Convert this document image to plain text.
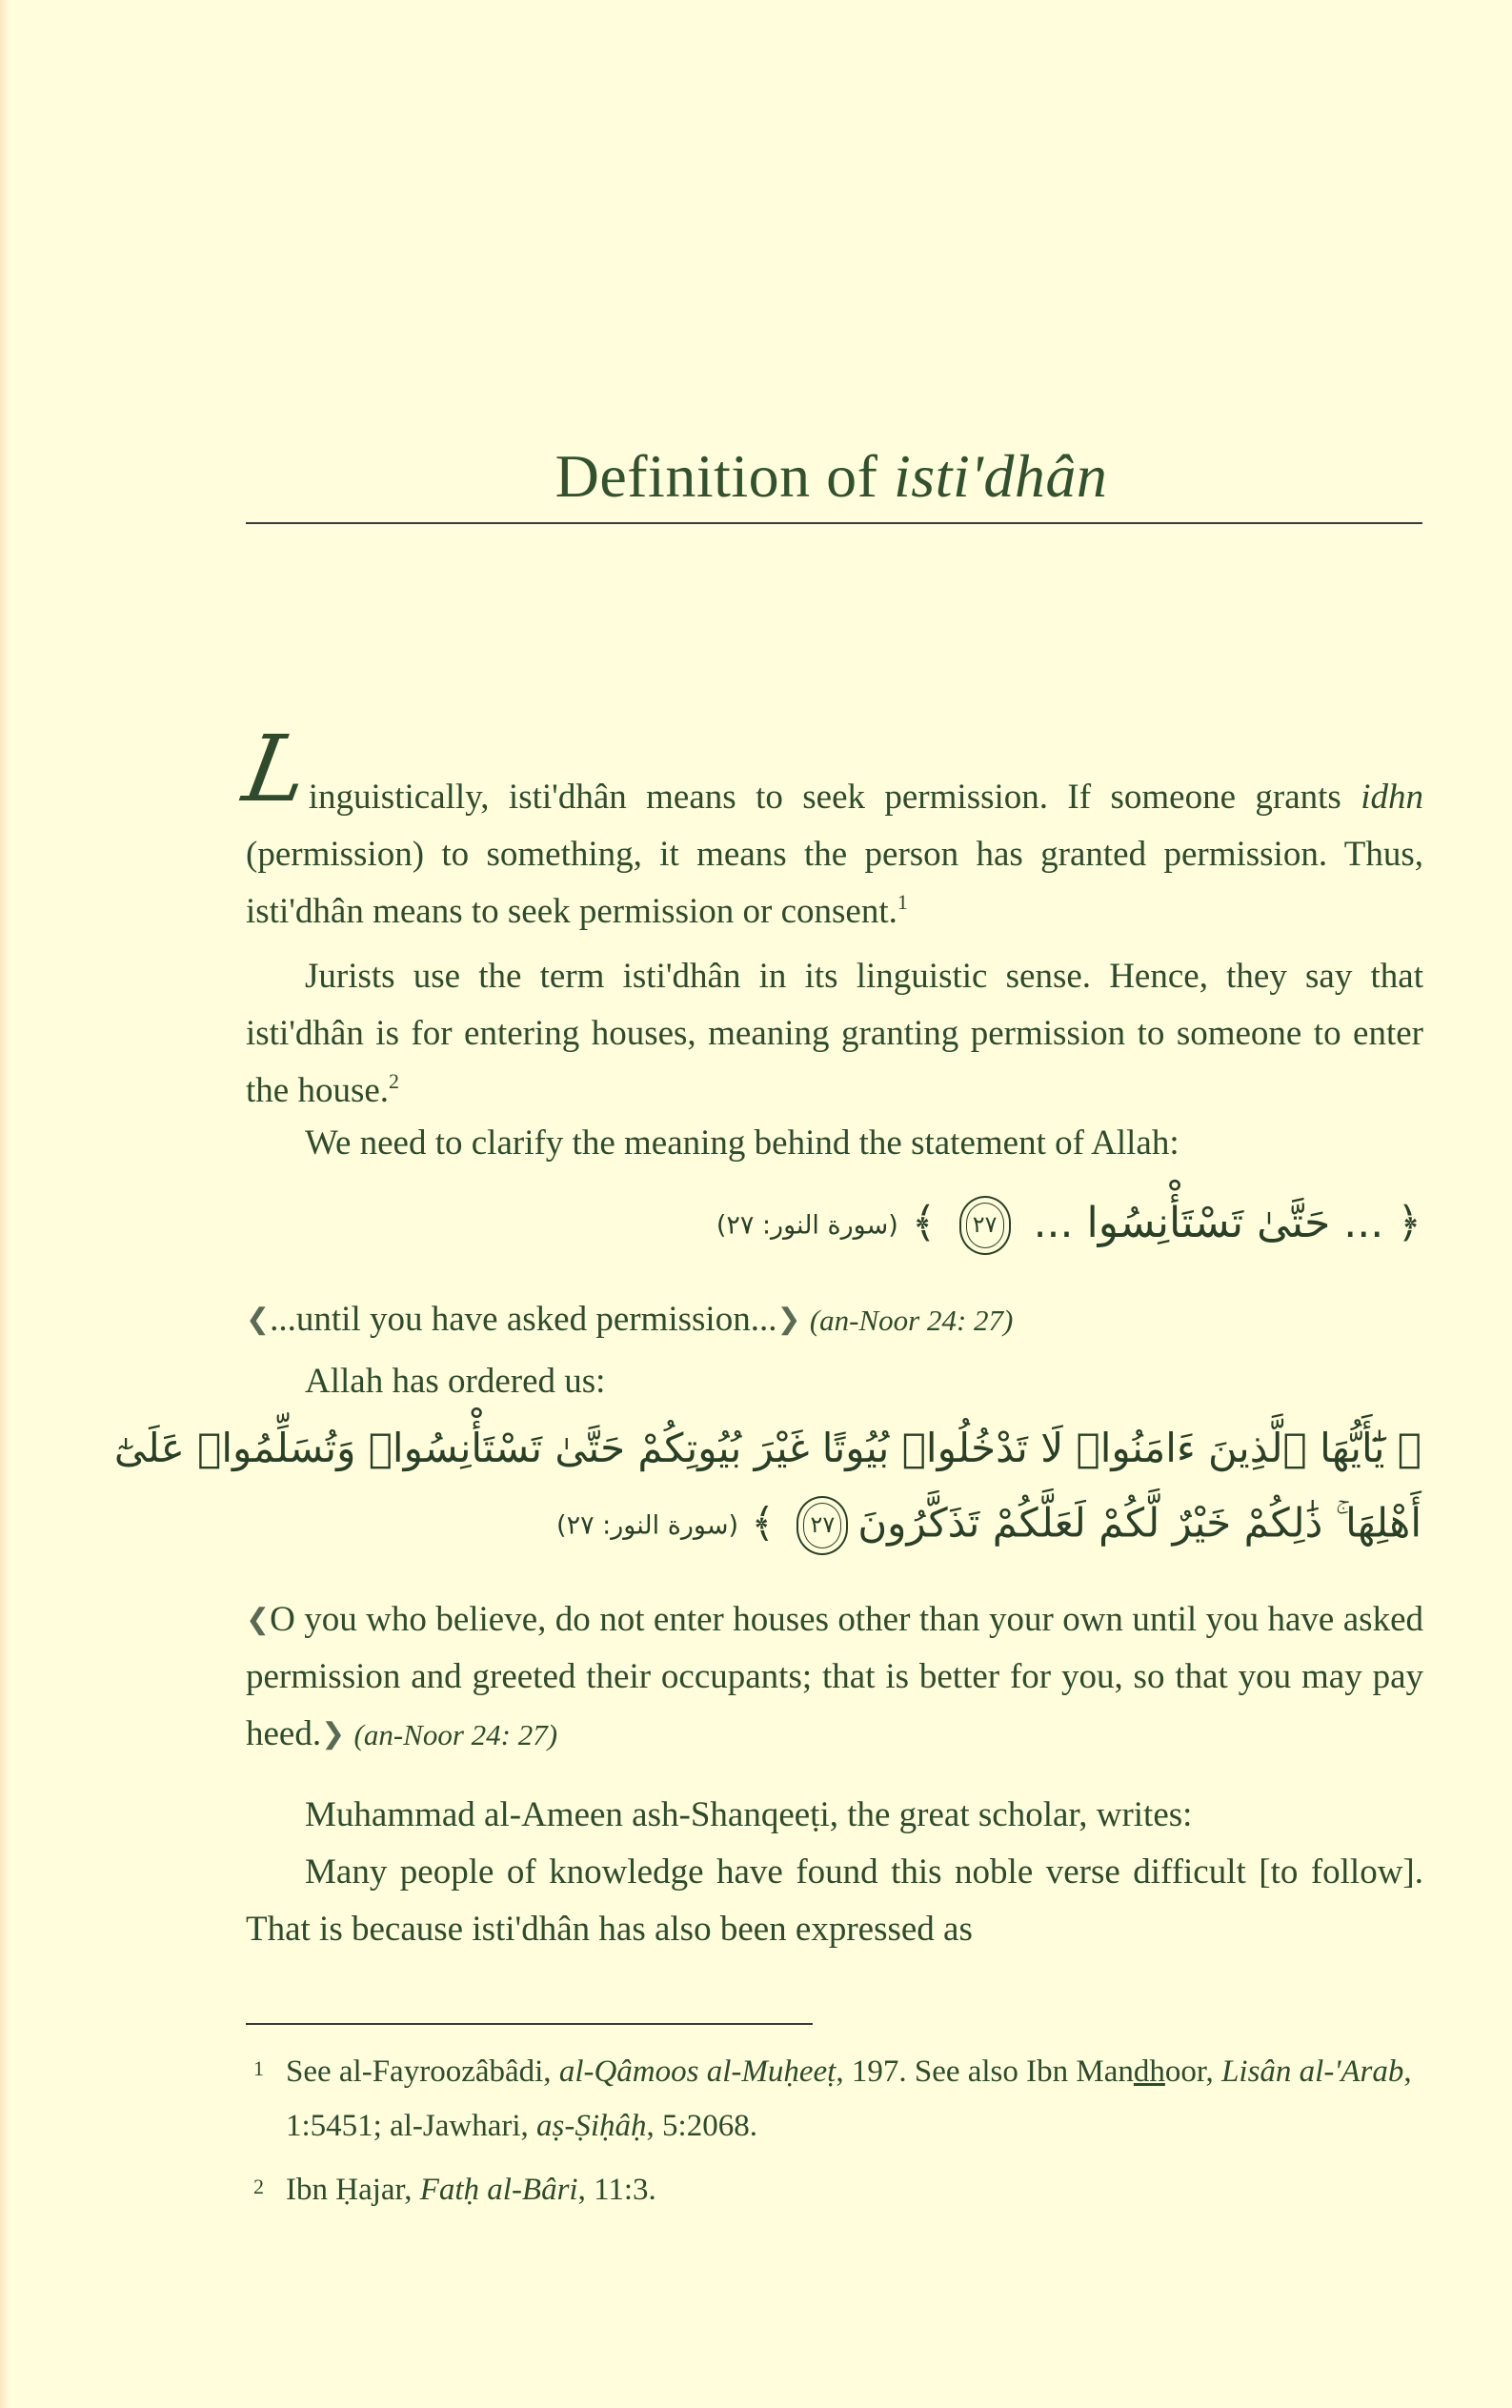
Definition of isti'dhân

Linguistically, isti'dhân means to seek permission. If someone grants idhn (permission) to something, it means the person has granted permission. Thus, isti'dhân means to seek permission or consent.$^1$

Jurists use the term isti'dhân in its linguistic sense. Hence, they say that isti'dhân is for entering houses, meaning granting permission to someone to enter the house.$^2$

We need to clarify the meaning behind the statement of Allah:

﴿ ... حَتَّىٰ تَسْتَأْنِسُوا ... ٢٧ ﴾ (سورة النور: ٢٧)

❮...until you have asked permission...❯ (an-Noor 24: 27)

Allah has ordered us:

﴿ يَٰٓأَيُّهَا ٱلَّذِينَ ءَامَنُوا۟ لَا تَدْخُلُوا۟ بُيُوتًا غَيْرَ بُيُوتِكُمْ حَتَّىٰ تَسْتَأْنِسُوا۟ وَتُسَلِّمُوا۟ عَلَىٰٓ
أَهْلِهَا ۚ ذَٰلِكُمْ خَيْرٌ لَّكُمْ لَعَلَّكُمْ تَذَكَّرُونَ٢٧ ﴾ (سورة النور: ٢٧)

❮O you who believe, do not enter houses other than your own until you have asked permission and greeted their occupants; that is better for you, so that you may pay heed.❯ (an-Noor 24: 27)

Muhammad al-Ameen ash-Shanqeeṭi, the great scholar, writes:

Many people of knowledge have found this noble verse difficult [to follow]. That is because isti'dhân has also been expressed as

1 See al-Fayroozâbâdi, al-Qâmoos al-Muḥeeṭ, 197. See also Ibn Mandhoor, Lisân al-'Arab, 1:5451; al-Jawhari, aṣ-Ṣiḥâḥ, 5:2068.
2 Ibn Ḥajar, Fatḥ al-Bâri, 11:3.
